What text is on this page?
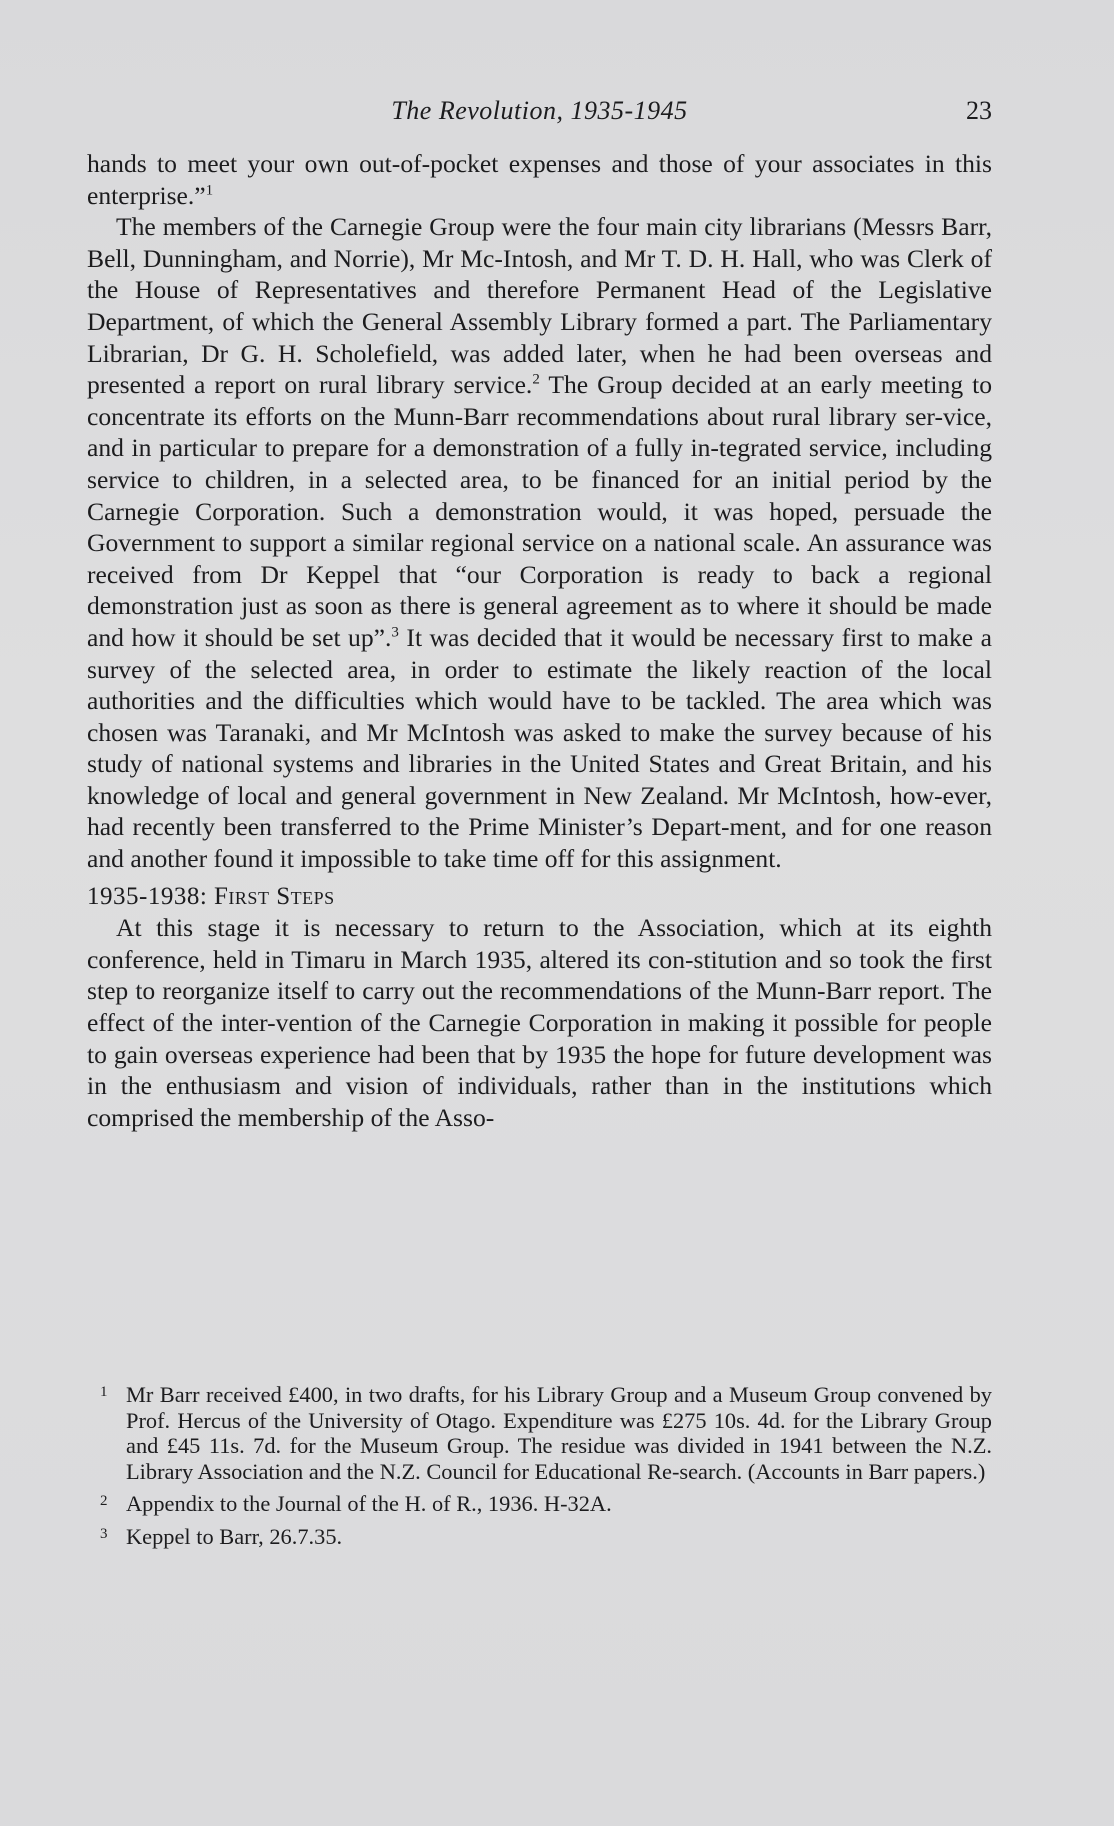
The Revolution, 1935-1945	23

hands to meet your own out-of-pocket expenses and those of your associates in this enterprise.”$^1$

The members of the Carnegie Group were the four main city librarians (Messrs Barr, Bell, Dunningham, and Norrie), Mr Mc-Intosh, and Mr T. D. H. Hall, who was Clerk of the House of Representatives and therefore Permanent Head of the Legislative Department, of which the General Assembly Library formed a part. The Parliamentary Librarian, Dr G. H. Scholefield, was added later, when he had been overseas and presented a report on rural library service.$^2$ The Group decided at an early meeting to concentrate its efforts on the Munn-Barr recommendations about rural library ser-vice, and in particular to prepare for a demonstration of a fully in-tegrated service, including service to children, in a selected area, to be financed for an initial period by the Carnegie Corporation. Such a demonstration would, it was hoped, persuade the Government to support a similar regional service on a national scale. An assurance was received from Dr Keppel that “our Corporation is ready to back a regional demonstration just as soon as there is general agreement as to where it should be made and how it should be set up”.$^3$ It was decided that it would be necessary first to make a survey of the selected area, in order to estimate the likely reaction of the local authorities and the difficulties which would have to be tackled. The area which was chosen was Taranaki, and Mr McIntosh was asked to make the survey because of his study of national systems and libraries in the United States and Great Britain, and his knowledge of local and general government in New Zealand. Mr McIntosh, how-ever, had recently been transferred to the Prime Minister’s Depart-ment, and for one reason and another found it impossible to take time off for this assignment.

1935-1938: First Steps

At this stage it is necessary to return to the Association, which at its eighth conference, held in Timaru in March 1935, altered its con-stitution and so took the first step to reorganize itself to carry out the recommendations of the Munn-Barr report. The effect of the inter-vention of the Carnegie Corporation in making it possible for people to gain overseas experience had been that by 1935 the hope for future development was in the enthusiasm and vision of individuals, rather than in the institutions which comprised the membership of the Asso-

1 Mr Barr received £400, in two drafts, for his Library Group and a Museum Group convened by Prof. Hercus of the University of Otago. Expenditure was £275 10s. 4d. for the Library Group and £45 11s. 7d. for the Museum Group. The residue was divided in 1941 between the N.Z. Library Association and the N.Z. Council for Educational Re-search. (Accounts in Barr papers.)
2 Appendix to the Journal of the H. of R., 1936. H-32A.
3 Keppel to Barr, 26.7.35.
